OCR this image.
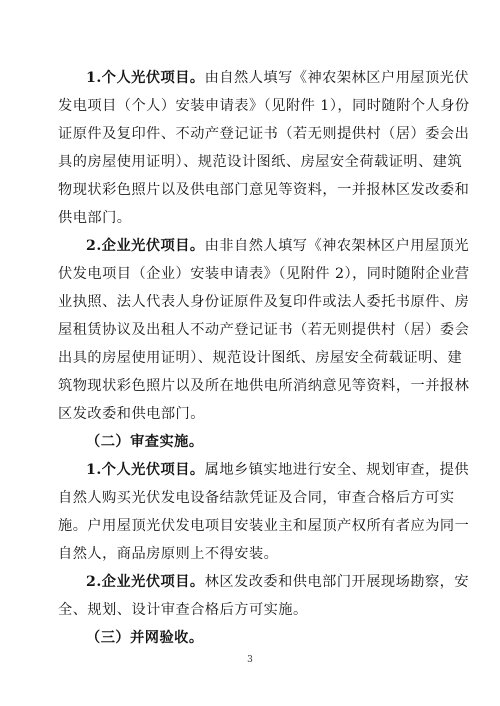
1.个人光伏项目。由自然人填写《神农架林区户用屋顶光伏

发电项目（个人）安装申请表》（见附件 1），同时随附个人身份

证原件及复印件、不动产登记证书（若无则提供村（居）委会出

具的房屋使用证明）、规范设计图纸、房屋安全荷载证明、建筑

物现状彩色照片以及供电部门意见等资料，一并报林区发改委和

供电部门。

2.企业光伏项目。由非自然人填写《神农架林区户用屋顶光

伏发电项目（企业）安装申请表》（见附件 2），同时随附企业营

业执照、法人代表人身份证原件及复印件或法人委托书原件、房

屋租赁协议及出租人不动产登记证书（若无则提供村（居）委会

出具的房屋使用证明）、规范设计图纸、房屋安全荷载证明、建

筑物现状彩色照片以及所在地供电所消纳意见等资料，一并报林

区发改委和供电部门。

（二）审查实施。

1.个人光伏项目。属地乡镇实地进行安全、规划审查，提供

自然人购买光伏发电设备结款凭证及合同，审查合格后方可实

施。户用屋顶光伏发电项目安装业主和屋顶产权所有者应为同一

自然人，商品房原则上不得安装。

2.企业光伏项目。林区发改委和供电部门开展现场勘察，安

全、规划、设计审查合格后方可实施。

（三）并网验收。
3
